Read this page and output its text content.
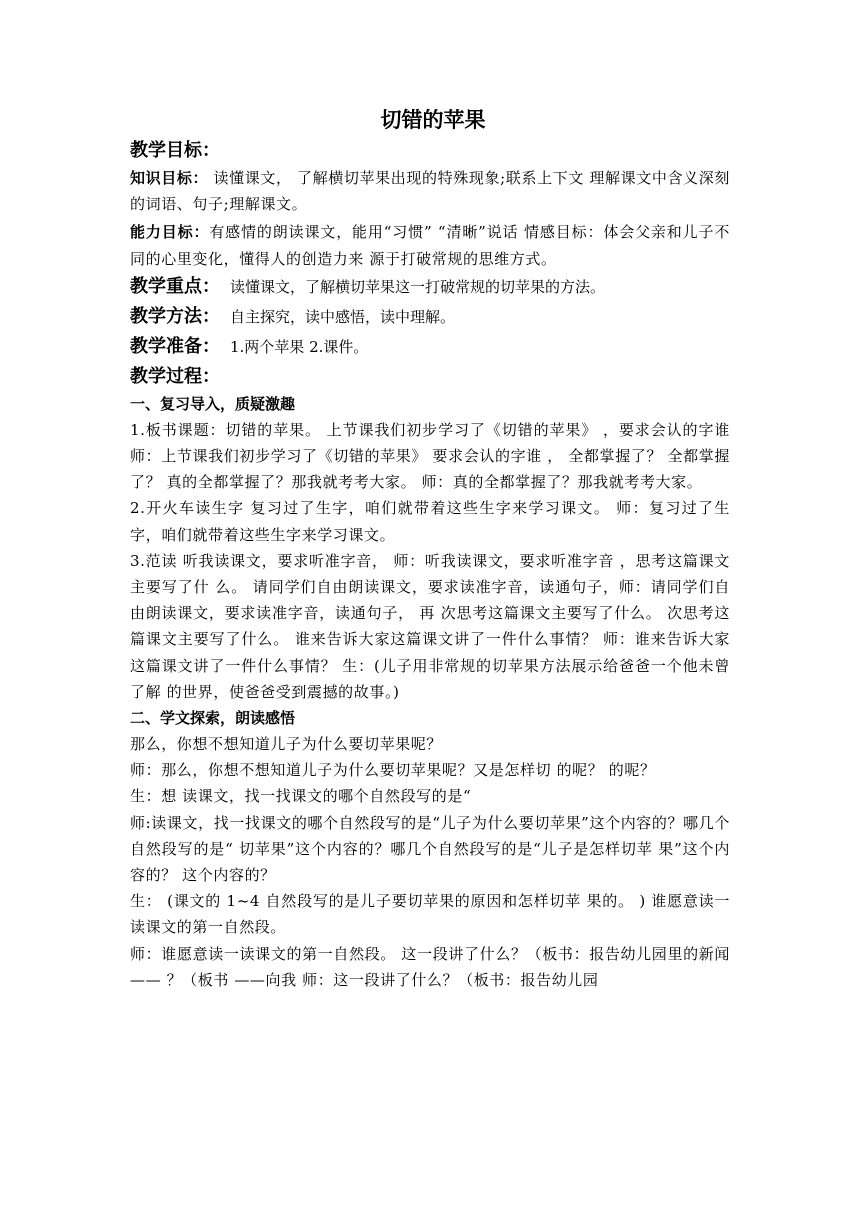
切错的苹果

教学目标：

知识目标： 读懂课文， 了解横切苹果出现的特殊现象;联系上下文 理解课文中含义深刻的词语、句子;理解课文。

能力目标：有感情的朗读课文，能用“习惯” “清晰”说话 情感目标：体会父亲和儿子不同的心里变化，懂得人的创造力来 源于打破常规的思维方式。

教学重点： 读懂课文，了解横切苹果这一打破常规的切苹果的方法。

教学方法： 自主探究，读中感悟，读中理解。

教学准备： 1.两个苹果 2.课件。

教学过程：

一、复习导入，质疑激趣

1.板书课题：切错的苹果。 上节课我们初步学习了《切错的苹果》 ，要求会认的字谁 师：上节课我们初步学习了《切错的苹果》 要求会认的字谁 ， 全都掌握了？ 全都掌握了？ 真的全都掌握了？那我就考考大家。 师：真的全都掌握了？那我就考考大家。

2.开火车读生字 复习过了生字，咱们就带着这些生字来学习课文。 师：复习过了生字，咱们就带着这些生字来学习课文。

3.范读 听我读课文，要求听准字音， 师：听我读课文，要求听准字音 ，思考这篇课文主要写了什 么。 请同学们自由朗读课文，要求读准字音，读通句子，师：请同学们自由朗读课文，要求读准字音，读通句子， 再 次思考这篇课文主要写了什么。 次思考这篇课文主要写了什么。 谁来告诉大家这篇课文讲了一件什么事情？ 师：谁来告诉大家这篇课文讲了一件什么事情？ 生：(儿子用非常规的切苹果方法展示给爸爸一个他未曾了解 的世界，使爸爸受到震撼的故事。)

二、学文探索，朗读感悟

那么，你想不想知道儿子为什么要切苹果呢？

师：那么，你想不想知道儿子为什么要切苹果呢？又是怎样切 的呢？ 的呢？

生：想 读课文，找一找课文的哪个自然段写的是“

师:读课文，找一找课文的哪个自然段写的是“儿子为什么要切苹果”这个内容的？哪几个自然段写的是“ 切苹果”这个内容的？哪几个自然段写的是“儿子是怎样切苹 果”这个内容的？ 这个内容的？

生： (课文的 1~4 自然段写的是儿子要切苹果的原因和怎样切苹 果的。 ) 谁愿意读一读课文的第一自然段。

师：谁愿意读一读课文的第一自然段。 这一段讲了什么？（板书：报告幼儿园里的新闻—— ？（板书 ——向我 师：这一段讲了什么？（板书：报告幼儿园
